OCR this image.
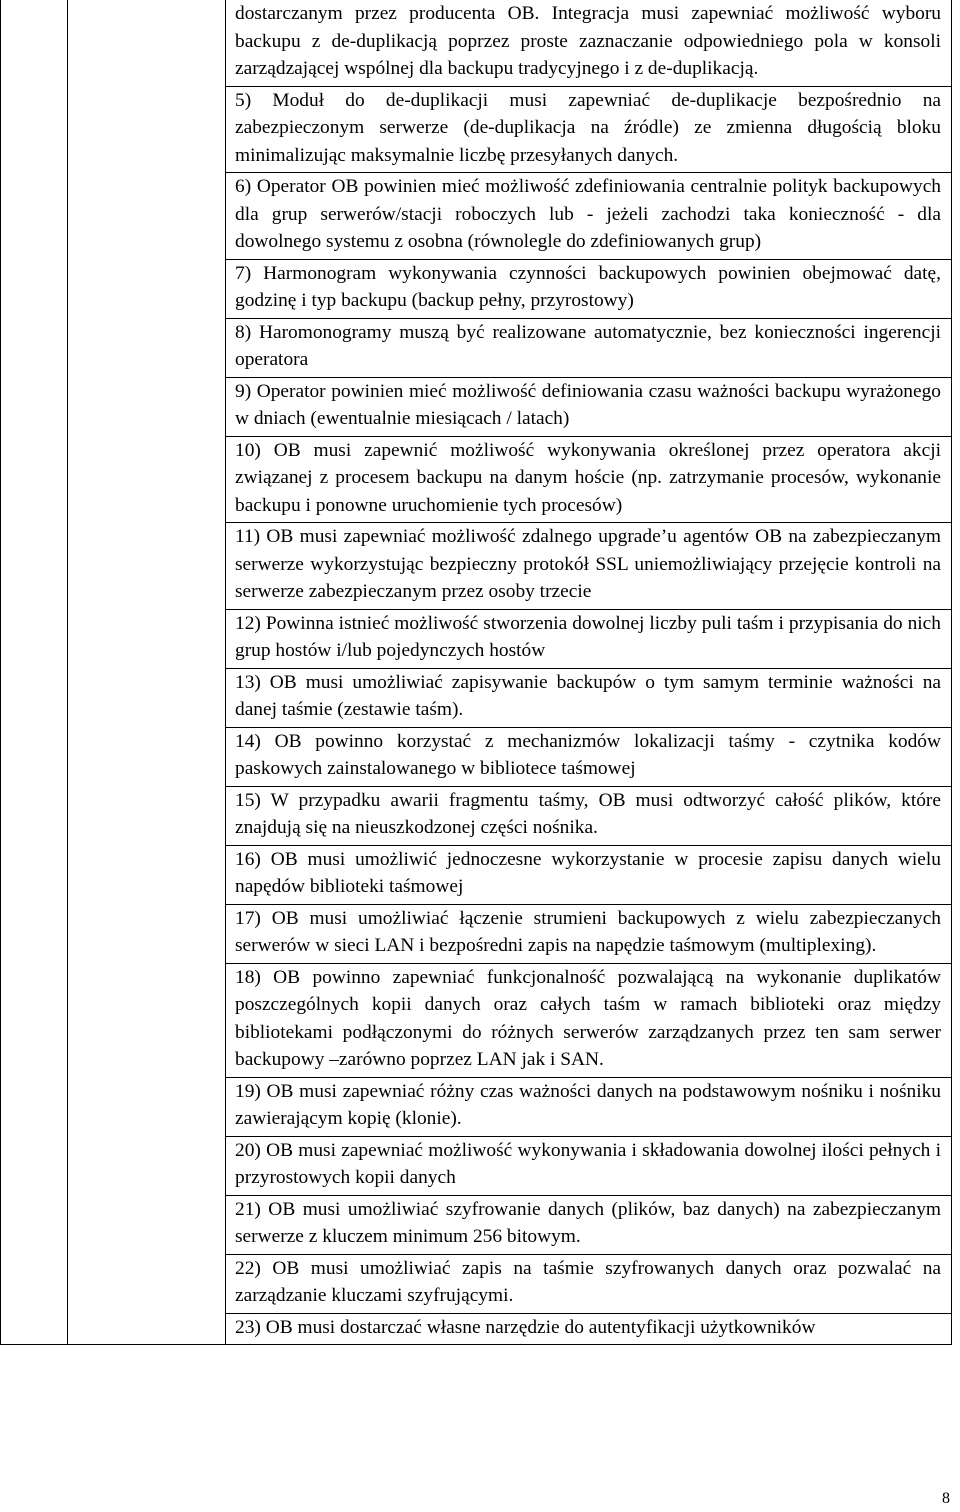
dostarczanym przez producenta OB. Integracja musi zapewniać możliwość wyboru backupu z de-duplikacją poprzez proste zaznaczanie odpowiedniego pola w konsoli zarządzającej wspólnej dla backupu tradycyjnego i z de-duplikacją.
5) Moduł do de-duplikacji musi zapewniać de-duplikacje bezpośrednio na zabezpieczonym serwerze (de-duplikacja na źródle) ze zmienna długością bloku minimalizując maksymalnie liczbę przesyłanych danych.
6) Operator OB powinien mieć możliwość zdefiniowania centralnie polityk backupowych dla grup serwerów/stacji roboczych lub - jeżeli zachodzi taka konieczność - dla dowolnego systemu z osobna (równolegle do zdefiniowanych grup)
7) Harmonogram wykonywania czynności backupowych powinien obejmować datę, godzinę i typ backupu (backup pełny, przyrostowy)
8) Haromonogramy muszą być realizowane automatycznie, bez konieczności ingerencji operatora
9) Operator powinien mieć możliwość definiowania czasu ważności backupu wyrażonego w dniach (ewentualnie miesiącach / latach)
10) OB musi zapewnić możliwość wykonywania określonej przez operatora akcji związanej z procesem backupu na danym hoście (np. zatrzymanie procesów, wykonanie backupu i ponowne uruchomienie tych procesów)
11) OB musi zapewniać możliwość zdalnego upgrade’u agentów OB na zabezpieczanym serwerze wykorzystując bezpieczny protokół SSL uniemożliwiający przejęcie kontroli na serwerze zabezpieczanym przez osoby trzecie
12) Powinna istnieć możliwość stworzenia dowolnej liczby puli taśm i przypisania do nich grup hostów i/lub pojedynczych hostów
13) OB musi umożliwiać zapisywanie backupów o tym samym terminie ważności na danej taśmie (zestawie taśm).
14) OB powinno korzystać z mechanizmów lokalizacji taśmy - czytnika kodów paskowych zainstalowanego w bibliotece taśmowej
15) W przypadku awarii fragmentu taśmy, OB musi odtworzyć całość plików, które znajdują się na nieuszkodzonej części nośnika.
16) OB musi umożliwić jednoczesne wykorzystanie w procesie zapisu danych wielu napędów biblioteki taśmowej
17) OB musi umożliwiać łączenie strumieni backupowych z wielu zabezpieczanych serwerów w sieci LAN i bezpośredni zapis na napędzie taśmowym (multiplexing).
18) OB powinno zapewniać funkcjonalność pozwalającą na wykonanie duplikatów poszczególnych kopii danych oraz całych taśm w ramach biblioteki oraz między bibliotekami podłączonymi do różnych serwerów zarządzanych przez ten sam serwer backupowy –zarówno poprzez LAN jak i SAN.
19) OB musi zapewniać różny czas ważności danych na podstawowym nośniku i nośniku zawierającym kopię (klonie).
20) OB musi zapewniać możliwość wykonywania i składowania dowolnej ilości pełnych i przyrostowych kopii danych
21) OB musi umożliwiać szyfrowanie danych (plików, baz danych) na zabezpieczanym serwerze z kluczem minimum 256 bitowym.
22) OB musi umożliwiać zapis na taśmie szyfrowanych danych oraz pozwalać na zarządzanie kluczami szyfrującymi.
23) OB musi dostarczać własne narzędzie do autentyfikacji użytkowników
8
